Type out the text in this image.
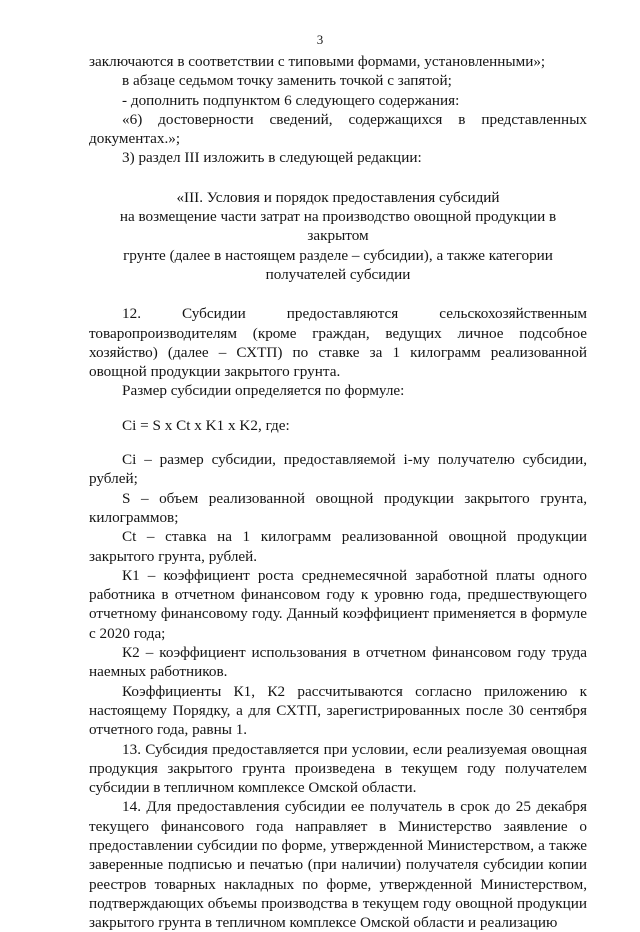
3

заключаются в соответствии с типовыми формами, установленными»;

в абзаце седьмом точку заменить точкой с запятой;

- дополнить подпунктом 6 следующего содержания:

«6) достоверности сведений, содержащихся в представленных документах.»;

3) раздел III изложить в следующей редакции:

«III. Условия и порядок предоставления субсидий

на возмещение части затрат на производство овощной продукции в закрытом

грунте (далее в настоящем разделе – субсидии), а также категории

получателей субсидии

12. Субсидии предоставляются сельскохозяйственным товаропроизводителям (кроме граждан, ведущих личное подсобное хозяйство) (далее – СХТП) по ставке за 1 килограмм реализованной овощной продукции закрытого грунта.

Размер субсидии определяется по формуле:

Ci = S x Ct x K1 x K2, где:

Ci – размер субсидии, предоставляемой i-му получателю субсидии, рублей;

S – объем реализованной овощной продукции закрытого грунта, килограммов;

Ct – ставка на 1 килограмм реализованной овощной продукции закрытого грунта, рублей.

К1 – коэффициент роста среднемесячной заработной платы одного работника в отчетном финансовом году к уровню года, предшествующего отчетному финансовому году. Данный коэффициент применяется в формуле с 2020 года;

К2 – коэффициент использования в отчетном финансовом году труда наемных работников.

Коэффициенты К1, К2 рассчитываются согласно приложению к настоящему Порядку, а для СХТП, зарегистрированных после 30 сентября отчетного года, равны 1.

13. Субсидия предоставляется при условии, если реализуемая овощная продукция закрытого грунта произведена в текущем году получателем субсидии в тепличном комплексе Омской области.

14. Для предоставления субсидии ее получатель в срок до 25 декабря текущего финансового года направляет в Министерство заявление о предоставлении субсидии по форме, утвержденной Министерством, а также заверенные подписью и печатью (при наличии) получателя субсидии копии реестров товарных накладных по форме, утвержденной Министерством, подтверждающих объемы производства в текущем году овощной продукции закрытого грунта в тепличном комплексе Омской области и реализацию
